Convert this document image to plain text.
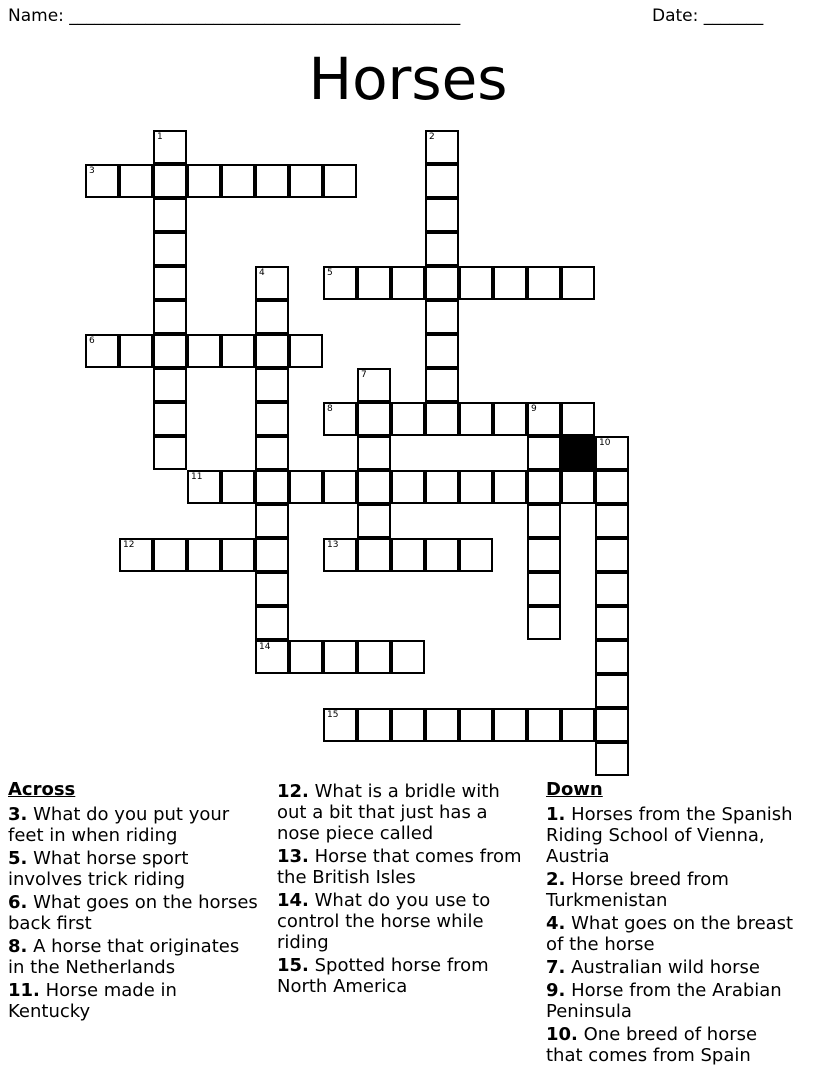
Name: ______________________________________________	Date: _______
Horses
1	2
3
4
14
5
6
7
8	9
10
11
12	13
15
Across
3. What do you put your feet in when riding
5. What horse sport involves trick riding
6. What goes on the horses back first
8. A horse that originates in the Netherlands
11. Horse made in Kentucky
12. What is a bridle with out a bit that just has a nose piece called
13. Horse that comes from the British Isles
14. What do you use to control the horse while riding
15. Spotted horse from North America
Down
1. Horses from the Spanish Riding School of Vienna, Austria
2. Horse breed from Turkmenistan
4. What goes on the breast of the horse
7. Australian wild horse
9. Horse from the Arabian Peninsula
10. One breed of horse that comes from Spain
